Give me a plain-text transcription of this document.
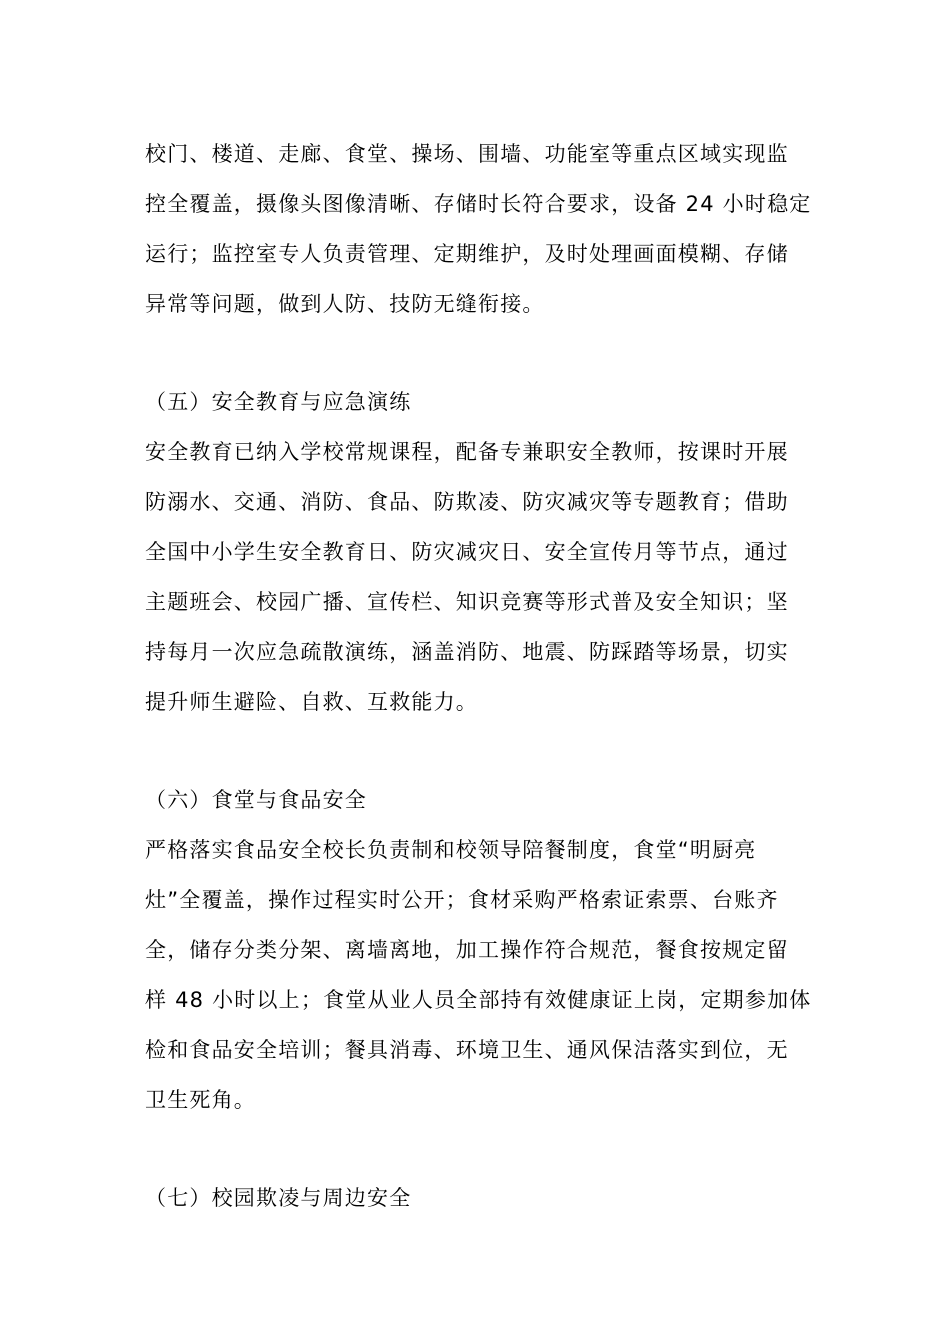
校门、楼道、走廊、食堂、操场、围墙、功能室等重点区域实现监
控全覆盖，摄像头图像清晰、存储时长符合要求，设备 24 小时稳定
运行；监控室专人负责管理、定期维护，及时处理画面模糊、存储
异常等问题，做到人防、技防无缝衔接。
（五）安全教育与应急演练
安全教育已纳入学校常规课程，配备专兼职安全教师，按课时开展
防溺水、交通、消防、食品、防欺凌、防灾减灾等专题教育；借助
全国中小学生安全教育日、防灾减灾日、安全宣传月等节点，通过
主题班会、校园广播、宣传栏、知识竞赛等形式普及安全知识；坚
持每月一次应急疏散演练，涵盖消防、地震、防踩踏等场景，切实
提升师生避险、自救、互救能力。
（六）食堂与食品安全
严格落实食品安全校长负责制和校领导陪餐制度，食堂“明厨亮
灶”全覆盖，操作过程实时公开；食材采购严格索证索票、台账齐
全，储存分类分架、离墙离地，加工操作符合规范，餐食按规定留
样 48 小时以上；食堂从业人员全部持有效健康证上岗，定期参加体
检和食品安全培训；餐具消毒、环境卫生、通风保洁落实到位，无
卫生死角。
（七）校园欺凌与周边安全
